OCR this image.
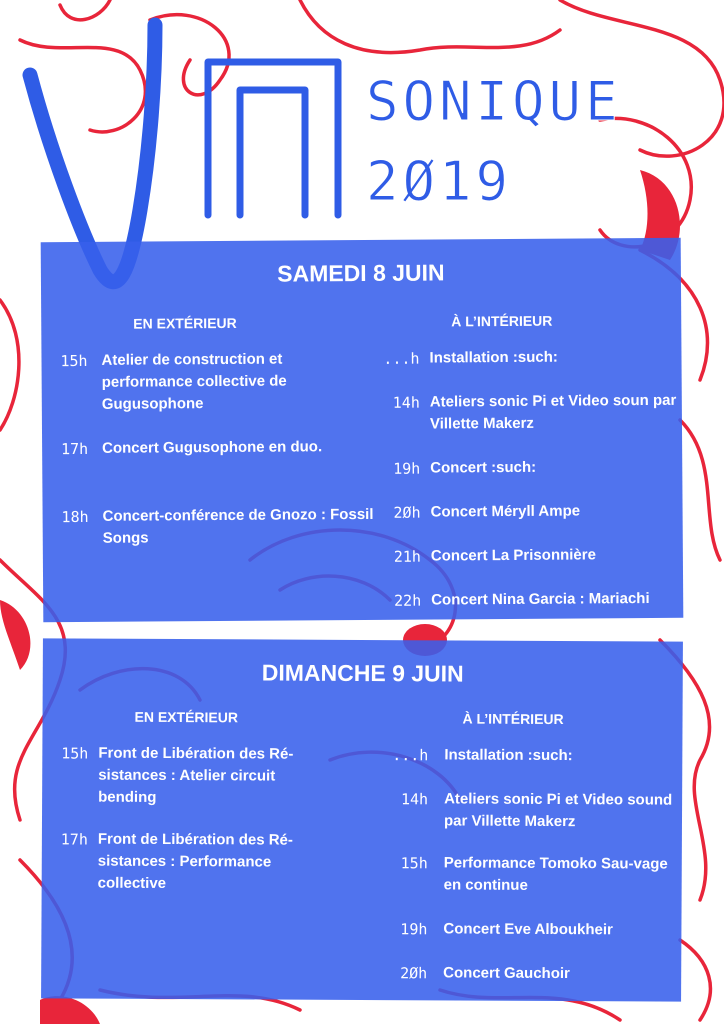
SONIQUE
2Ø19
SAMEDI 8 JUIN
EN EXTÉRIEUR	À L’INTÉRIEUR
15h Atelier de construction et performance collective de Gugusophone
17h Concert Gugusophone en duo.
18h Concert-conférence de Gnozo : Fossil Songs
...h Installation :such:
14h Ateliers sonic Pi et Video soun par Villette Makerz
19h Concert :such:
2Øh Concert Méryll Ampe
21h Concert La Prisonnière
22h Concert Nina Garcia : Mariachi
DIMANCHE 9 JUIN
EN EXTÉRIEUR	À L’INTÉRIEUR
15h Front de Libération des Ré-sistances : Atelier circuit bending
17h Front de Libération des Ré-sistances : Performance collective
...h Installation :such:
14h Ateliers sonic Pi et Video sound par Villette Makerz
15h Performance Tomoko Sau-vage en continue
19h Concert Eve Alboukheir
2Øh Concert Gauchoir
